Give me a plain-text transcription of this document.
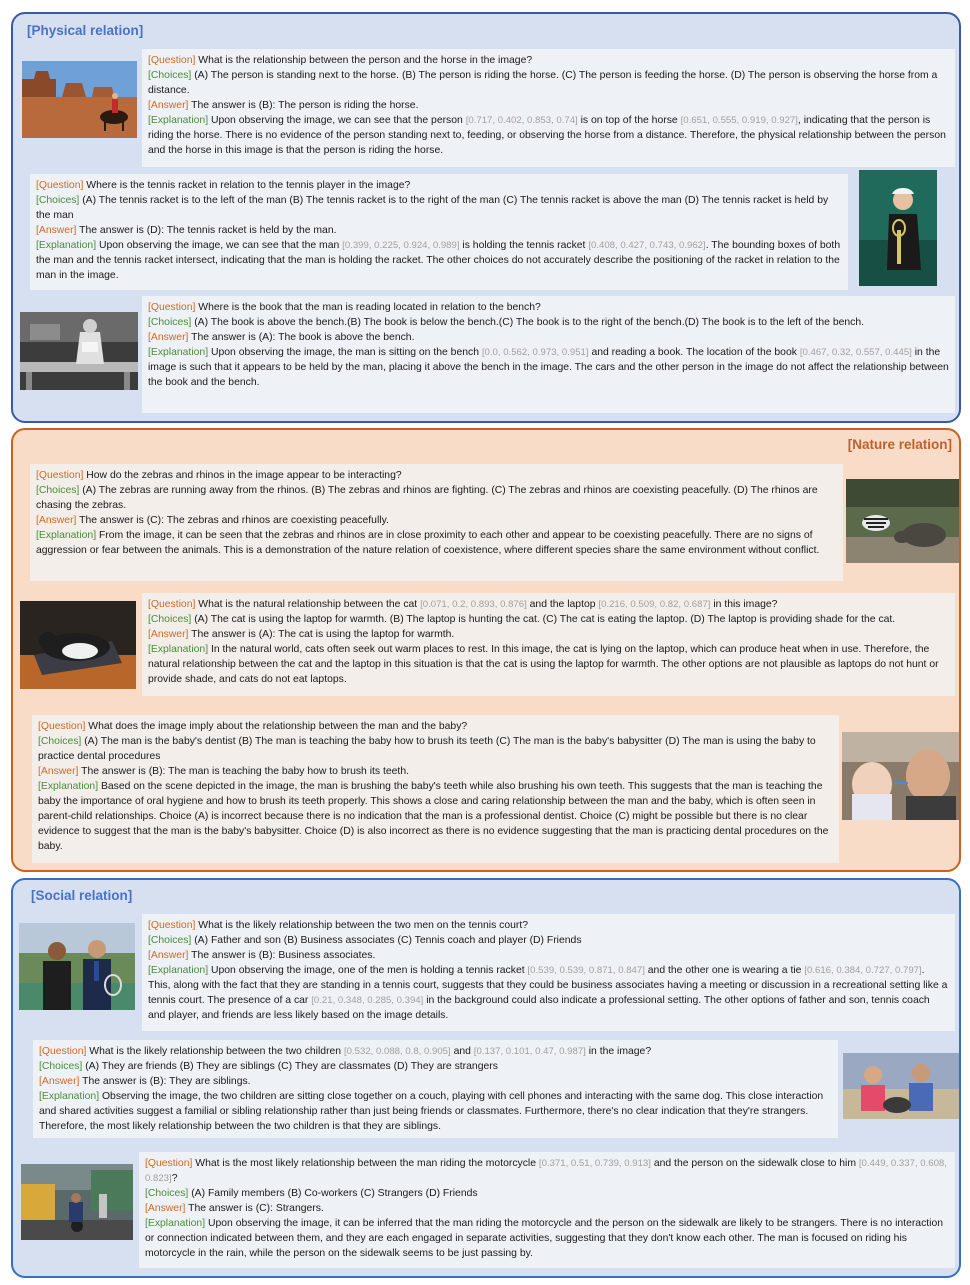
[Physical relation]

[Question] What is the relationship between the person and the horse in the image?

[Choices] (A) The person is standing next to the horse. (B) The person is riding the horse. (C) The person is feeding the horse. (D) The person is observing the horse from a distance.

[Answer] The answer is (B): The person is riding the horse.

[Explanation] Upon observing the image, we can see that the person [0.717, 0.402, 0.853, 0.74] is on top of the horse [0.651, 0.555, 0.919, 0.927], indicating that the person is riding the horse. There is no evidence of the person standing next to, feeding, or observing the horse from a distance. Therefore, the physical relationship between the person and the horse in this image is that the person is riding the horse.

[Question] Where is the tennis racket in relation to the tennis player in the image?

[Choices] (A) The tennis racket is to the left of the man (B) The tennis racket is to the right of the man (C) The tennis racket is above the man (D) The tennis racket is held by the man

[Answer] The answer is (D): The tennis racket is held by the man.

[Explanation] Upon observing the image, we can see that the man [0.399, 0.225, 0.924, 0.989] is holding the tennis racket [0.408, 0.427, 0.743, 0.962]. The bounding boxes of both the man and the tennis racket intersect, indicating that the man is holding the racket. The other choices do not accurately describe the positioning of the racket in relation to the man in the image.

[Question] Where is the book that the man is reading located in relation to the bench?

[Choices] (A) The book is above the bench.(B) The book is below the bench.(C) The book is to the right of the bench.(D) The book is to the left of the bench.

[Answer] The answer is (A): The book is above the bench.

[Explanation] Upon observing the image, the man is sitting on the bench [0.0, 0.562, 0.973, 0.951] and reading a book. The location of the book [0.467, 0.32, 0.557, 0.445] in the image is such that it appears to be held by the man, placing it above the bench in the image. The cars and the other person in the image do not affect the relationship between the book and the bench.

[Nature relation]

[Question] How do the zebras and rhinos in the image appear to be interacting?

[Choices] (A) The zebras are running away from the rhinos. (B) The zebras and rhinos are fighting. (C) The zebras and rhinos are coexisting peacefully. (D) The rhinos are chasing the zebras.

[Answer] The answer is (C): The zebras and rhinos are coexisting peacefully.

[Explanation] From the image, it can be seen that the zebras and rhinos are in close proximity to each other and appear to be coexisting peacefully. There are no signs of aggression or fear between the animals. This is a demonstration of the nature relation of coexistence, where different species share the same environment without conflict.

[Question] What is the natural relationship between the cat [0.071, 0.2, 0.893, 0.876] and the laptop [0.216, 0.509, 0.82, 0.687] in this image?

[Choices] (A) The cat is using the laptop for warmth. (B) The laptop is hunting the cat. (C) The cat is eating the laptop. (D) The laptop is providing shade for the cat.

[Answer] The answer is (A): The cat is using the laptop for warmth.

[Explanation] In the natural world, cats often seek out warm places to rest. In this image, the cat is lying on the laptop, which can produce heat when in use. Therefore, the natural relationship between the cat and the laptop in this situation is that the cat is using the laptop for warmth. The other options are not plausible as laptops do not hunt or provide shade, and cats do not eat laptops.

[Question] What does the image imply about the relationship between the man and the baby?

[Choices] (A) The man is the baby's dentist (B) The man is teaching the baby how to brush its teeth (C) The man is the baby's babysitter (D) The man is using the baby to practice dental procedures

[Answer] The answer is (B): The man is teaching the baby how to brush its teeth.

[Explanation] Based on the scene depicted in the image, the man is brushing the baby's teeth while also brushing his own teeth. This suggests that the man is teaching the baby the importance of oral hygiene and how to brush its teeth properly. This shows a close and caring relationship between the man and the baby, which is often seen in parent-child relationships. Choice (A) is incorrect because there is no indication that the man is a professional dentist. Choice (C) might be possible but there is no clear evidence to suggest that the man is the baby's babysitter. Choice (D) is also incorrect as there is no evidence suggesting that the man is practicing dental procedures on the baby.

[Social relation]

[Question] What is the likely relationship between the two men on the tennis court?

[Choices] (A) Father and son (B) Business associates (C) Tennis coach and player (D) Friends

[Answer] The answer is (B): Business associates.

[Explanation] Upon observing the image, one of the men is holding a tennis racket [0.539, 0.539, 0.871, 0.847] and the other one is wearing a tie [0.616, 0.384, 0.727, 0.797]. This, along with the fact that they are standing in a tennis court, suggests that they could be business associates having a meeting or discussion in a recreational setting like a tennis court. The presence of a car [0.21, 0.348, 0.285, 0.394] in the background could also indicate a professional setting. The other options of father and son, tennis coach and player, and friends are less likely based on the image details.

[Question] What is the likely relationship between the two children [0.532, 0.088, 0.8, 0.905] and [0.137, 0.101, 0.47, 0.987] in the image?

[Choices] (A) They are friends (B) They are siblings (C) They are classmates (D) They are strangers

[Answer] The answer is (B): They are siblings.

[Explanation] Observing the image, the two children are sitting close together on a couch, playing with cell phones and interacting with the same dog. This close interaction and shared activities suggest a familial or sibling relationship rather than just being friends or classmates. Furthermore, there's no clear indication that they're strangers. Therefore, the most likely relationship between the two children is that they are siblings.

[Question] What is the most likely relationship between the man riding the motorcycle [0.371, 0.51, 0.739, 0.913] and the person on the sidewalk close to him [0.449, 0.337, 0.608, 0.823]?

[Choices] (A) Family members (B) Co-workers (C) Strangers (D) Friends

[Answer] The answer is (C): Strangers.

[Explanation] Upon observing the image, it can be inferred that the man riding the motorcycle and the person on the sidewalk are likely to be strangers. There is no interaction or connection indicated between them, and they are each engaged in separate activities, suggesting that they don't know each other. The man is focused on riding his motorcycle in the rain, while the person on the sidewalk seems to be just passing by.
